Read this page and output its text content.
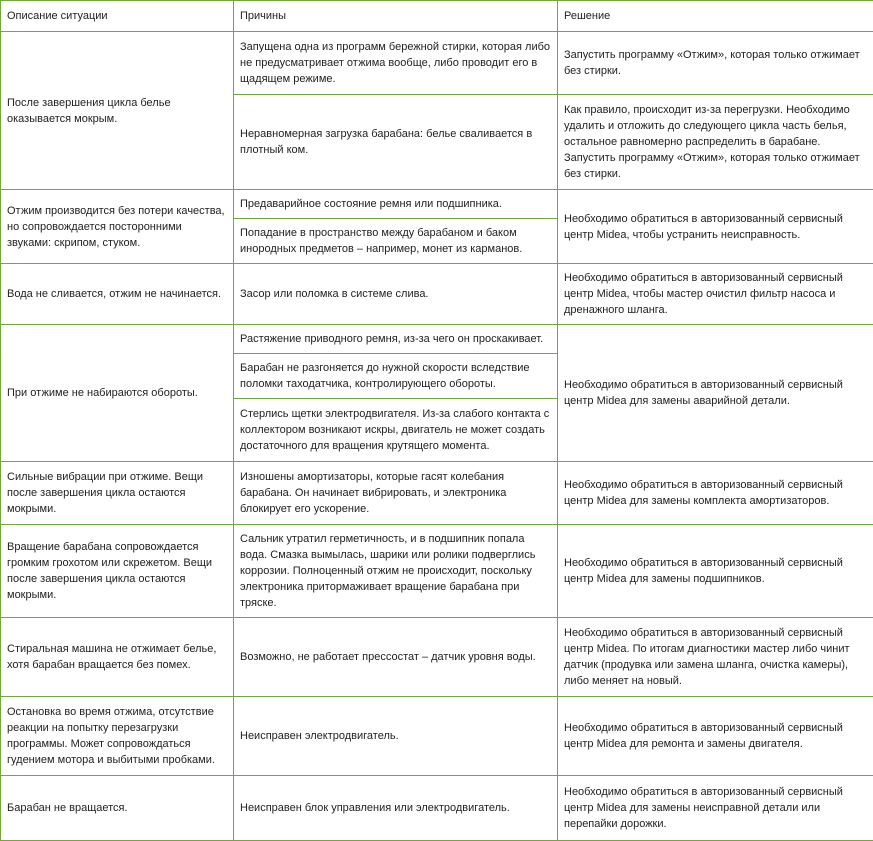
Описание ситуации	Причины	Решение
После завершения цикла белье оказывается мокрым.	Запущена одна из программ бережной стирки, которая либо не предусматривает отжима вообще, либо проводит его в щадящем режиме.	Запустить программу «Отжим», которая только отжимает без стирки.
	Неравномерная загрузка барабана: белье сваливается в плотный ком.	Как правило, происходит из-за перегрузки. Необходимо удалить и отложить до следующего цикла часть белья, остальное равномерно распределить в барабане. Запустить программу «Отжим», которая только отжимает без стирки.
Отжим производится без потери качества, но сопровождается посторонними звуками: скрипом, стуком.	Предаварийное состояние ремня или подшипника.	Необходимо обратиться в авторизованный сервисный центр Midea, чтобы устранить неисправность.
	Попадание в пространство между барабаном и баком инородных предметов – например, монет из карманов.	
Вода не сливается, отжим не начинается.	Засор или поломка в системе слива.	Необходимо обратиться в авторизованный сервисный центр Midea, чтобы мастер очистил фильтр насоса и дренажного шланга.
При отжиме не набираются обороты.	Растяжение приводного ремня, из-за чего он проскакивает.	Необходимо обратиться в авторизованный сервисный центр Midea для замены аварийной детали.
	Барабан не разгоняется до нужной скорости вследствие поломки таходатчика, контролирующего обороты.	
	Стерлись щетки электродвигателя. Из-за слабого контакта с коллектором возникают искры, двигатель не может создать достаточного для вращения крутящего момента.	
Сильные вибрации при отжиме. Вещи после завершения цикла остаются мокрыми.	Изношены амортизаторы, которые гасят колебания барабана. Он начинает вибрировать, и электроника блокирует его ускорение.	Необходимо обратиться в авторизованный сервисный центр Midea для замены комплекта амортизаторов.
Вращение барабана сопровождается громким грохотом или скрежетом. Вещи после завершения цикла остаются мокрыми.	Сальник утратил герметичность, и в подшипник попала вода. Смазка вымылась, шарики или ролики подверглись коррозии. Полноценный отжим не происходит, поскольку электроника притормаживает вращение барабана при тряске.	Необходимо обратиться в авторизованный сервисный центр Midea для замены подшипников.
Стиральная машина не отжимает белье, хотя барабан вращается без помех.	Возможно, не работает прессостат – датчик уровня воды.	Необходимо обратиться в авторизованный сервисный центр Midea. По итогам диагностики мастер либо чинит датчик (продувка или замена шланга, очистка камеры), либо меняет на новый.
Остановка во время отжима, отсутствие реакции на попытку перезагрузки программы. Может сопровождаться гудением мотора и выбитыми пробками.	Неисправен электродвигатель.	Необходимо обратиться в авторизованный сервисный центр Midea для ремонта и замены двигателя.
Барабан не вращается.	Неисправен блок управления или электродвигатель.	Необходимо обратиться в авторизованный сервисный центр Midea для замены неисправной детали или перепайки дорожки.
